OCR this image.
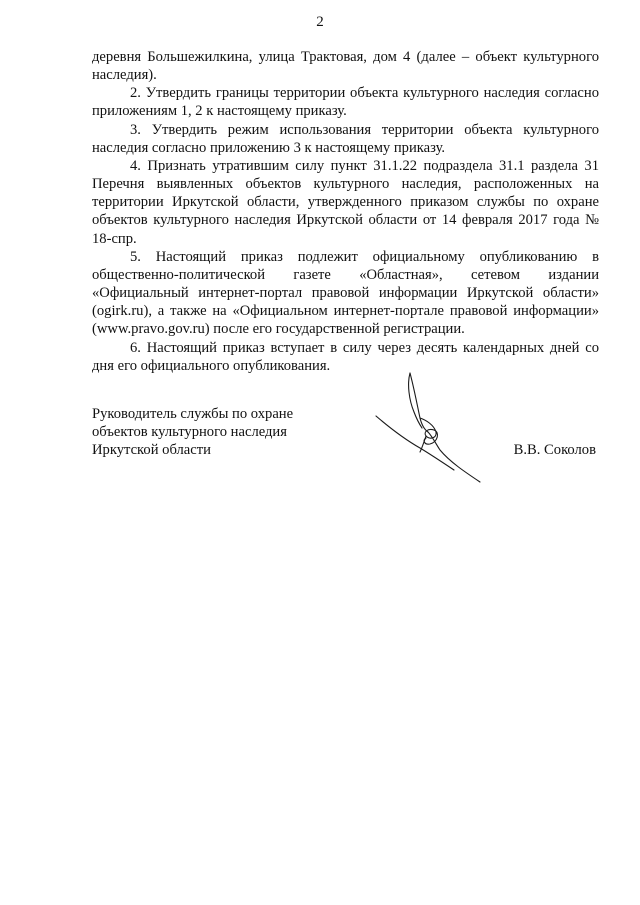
2

деревня Большежилкина, улица Трактовая, дом 4 (далее – объект культурного наследия).

2. Утвердить границы территории объекта культурного наследия согласно приложениям 1, 2 к настоящему приказу.

3. Утвердить режим использования территории объекта культурного наследия согласно приложению 3 к настоящему приказу.

4. Признать утратившим силу пункт 31.1.22 подраздела 31.1 раздела 31 Перечня выявленных объектов культурного наследия, расположенных на территории Иркутской области, утвержденного приказом службы по охране объектов культурного наследия Иркутской области от 14 февраля 2017 года № 18-спр.

5. Настоящий приказ подлежит официальному опубликованию в общественно-политической газете «Областная», сетевом издании «Официальный интернет-портал правовой информации Иркутской области» (ogirk.ru), а также на «Официальном интернет-портале правовой информации» (www.pravo.gov.ru) после его государственной регистрации.

6. Настоящий приказ вступает в силу через десять календарных дней со дня его официального опубликования.

Руководитель службы по охране
объектов культурного наследия
Иркутской области	В.В. Соколов
